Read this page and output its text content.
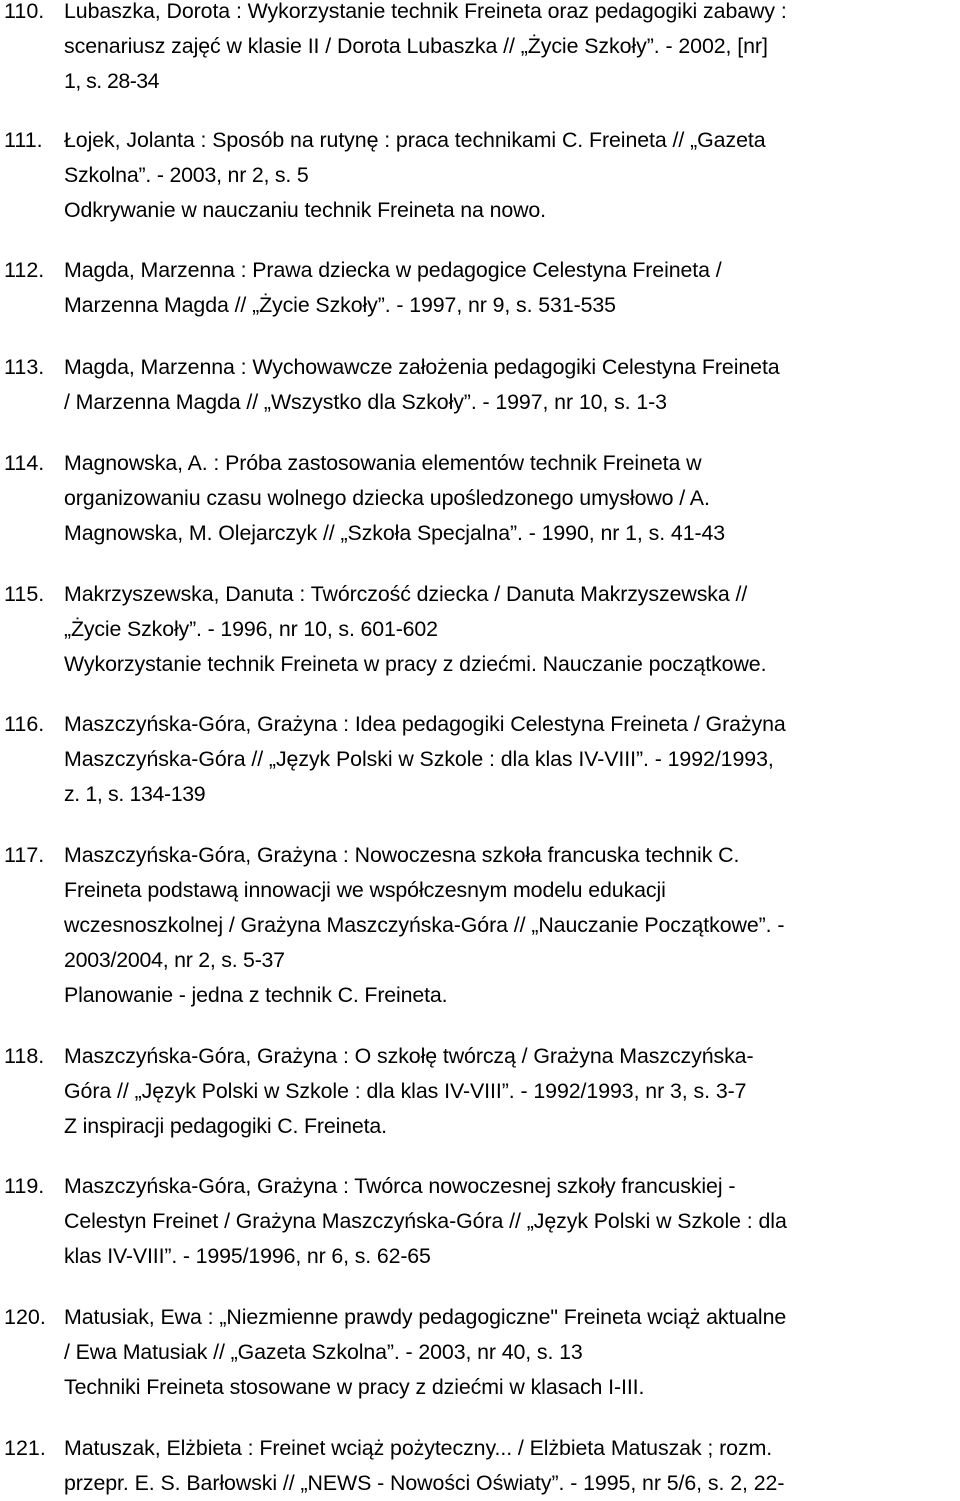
110. Lubaszka, Dorota : Wykorzystanie technik Freineta oraz pedagogiki zabawy :
scenariusz zajęć w klasie II / Dorota Lubaszka // „Życie Szkoły”. - 2002, [nr]
1, s. 28-34
111. Łojek, Jolanta : Sposób na rutynę : praca technikami C. Freineta // „Gazeta
Szkolna”. - 2003, nr 2, s. 5
Odkrywanie w nauczaniu technik Freineta na nowo.
112. Magda, Marzenna : Prawa dziecka w pedagogice Celestyna Freineta /
Marzenna Magda // „Życie Szkoły”. - 1997, nr 9, s. 531-535
113. Magda, Marzenna : Wychowawcze założenia pedagogiki Celestyna Freineta
/ Marzenna Magda // „Wszystko dla Szkoły”. - 1997, nr 10, s. 1-3
114. Magnowska, A. : Próba zastosowania elementów technik Freineta w
organizowaniu czasu wolnego dziecka upośledzonego umysłowo / A.
Magnowska, M. Olejarczyk // „Szkoła Specjalna”. - 1990, nr 1, s. 41-43
115. Makrzyszewska, Danuta : Twórczość dziecka / Danuta Makrzyszewska //
„Życie Szkoły”. - 1996, nr 10, s. 601-602
Wykorzystanie technik Freineta w pracy z dziećmi. Nauczanie początkowe.
116. Maszczyńska-Góra, Grażyna : Idea pedagogiki Celestyna Freineta / Grażyna
Maszczyńska-Góra // „Język Polski w Szkole : dla klas IV-VIII”. - 1992/1993,
z. 1, s. 134-139
117. Maszczyńska-Góra, Grażyna : Nowoczesna szkoła francuska technik C.
Freineta podstawą innowacji we współczesnym modelu edukacji
wczesnoszkolnej / Grażyna Maszczyńska-Góra // „Nauczanie Początkowe”. -
2003/2004, nr 2, s. 5-37
Planowanie - jedna z technik C. Freineta.
118. Maszczyńska-Góra, Grażyna : O szkołę twórczą / Grażyna Maszczyńska-
Góra // „Język Polski w Szkole : dla klas IV-VIII”. - 1992/1993, nr 3, s. 3-7
Z inspiracji pedagogiki C. Freineta.
119. Maszczyńska-Góra, Grażyna : Twórca nowoczesnej szkoły francuskiej -
Celestyn Freinet / Grażyna Maszczyńska-Góra // „Język Polski w Szkole : dla
klas IV-VIII”. - 1995/1996, nr 6, s. 62-65
120. Matusiak, Ewa : „Niezmienne prawdy pedagogiczne" Freineta wciąż aktualne
/ Ewa Matusiak // „Gazeta Szkolna”. - 2003, nr 40, s. 13
Techniki Freineta stosowane w pracy z dziećmi w klasach I-III.
121. Matuszak, Elżbieta : Freinet wciąż pożyteczny... / Elżbieta Matuszak ; rozm.
przepr. E. S. Barłowski // „NEWS - Nowości Oświaty”. - 1995, nr 5/6, s. 2, 22-
